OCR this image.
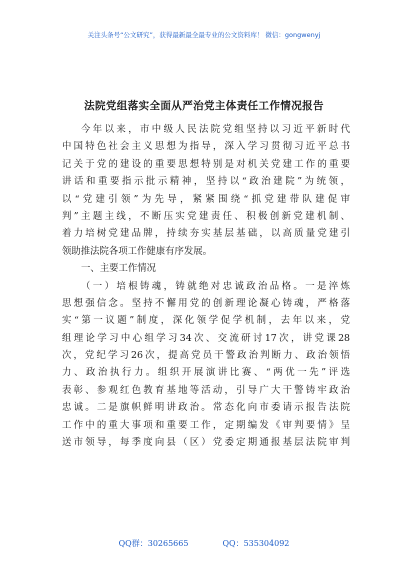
关注头条号“公文研究”，获得最新最全最专业的公文资料库！ 微信：gongwenyj
法院党组落实全面从严治党主体责任工作情况报告
今年以来，市中级人民法院党组坚持以习近平新时代
中国特色社会主义思想为指导，深入学习贯彻习近平总书
记关于党的建设的重要思想特别是对机关党建工作的重要
讲话和重要指示批示精神，坚持以“政治建院”为统领，
以“党建引领”为先导，紧紧围绕“抓党建带队建促审
判”主题主线，不断压实党建责任、积极创新党建机制、
着力培树党建品牌，持续夯实基层基础，以高质量党建引
领助推法院各项工作健康有序发展。
一、主要工作情况
（一）培根铸魂，铸就绝对忠诚政治品格。一是淬炼
思想强信念。坚持不懈用党的创新理论凝心铸魂，严格落
实“第一议题”制度，深化领学促学机制，去年以来，党
组理论学习中心组学习34次、交流研讨17次，讲党课28
次，党纪学习26次，提高党员干警政治判断力、政治领悟
力、政治执行力。组织开展演讲比赛、“两优一先”评选
表彰、参观红色教育基地等活动，引导广大干警铸牢政治
忠诚。二是旗帜鲜明讲政治。常态化向市委请示报告法院
工作中的重大事项和重要工作，定期编发《审判要情》呈
送市领导，每季度向县（区）党委定期通报基层法院审判
QQ群：30265665	QQ：535304092
